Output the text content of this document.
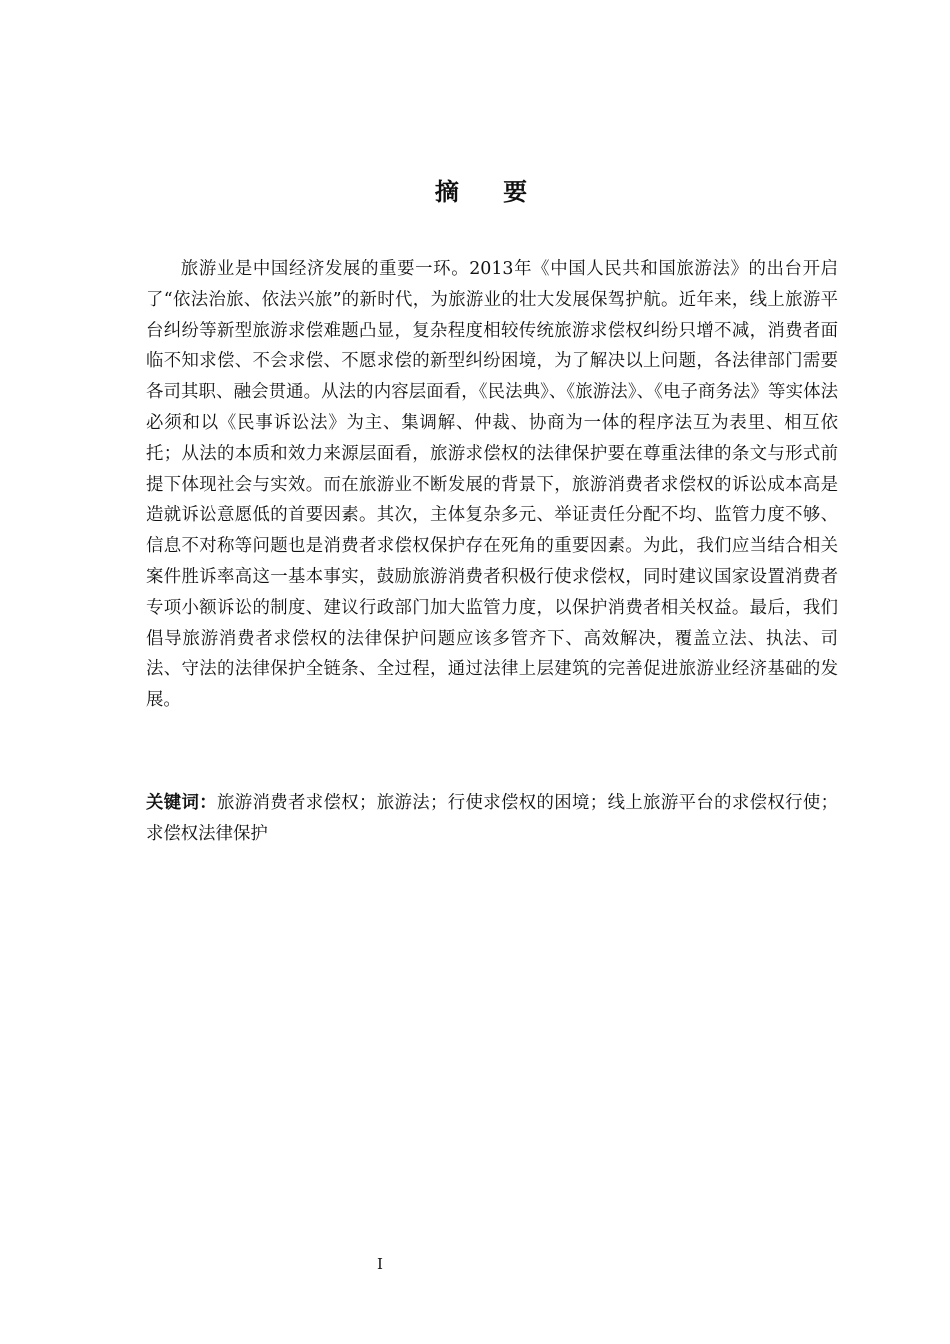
摘 要

旅游业是中国经济发展的重要一环。2013年《中国人民共和国旅游法》的出台开启了“依法治旅、依法兴旅”的新时代，为旅游业的壮大发展保驾护航。近年来，线上旅游平台纠纷等新型旅游求偿难题凸显，复杂程度相较传统旅游求偿权纠纷只增不减，消费者面临不知求偿、不会求偿、不愿求偿的新型纠纷困境，为了解决以上问题，各法律部门需要各司其职、融会贯通。从法的内容层面看，《民法典》、《旅游法》、《电子商务法》等实体法必须和以《民事诉讼法》为主、集调解、仲裁、协商为一体的程序法互为表里、相互依托；从法的本质和效力来源层面看，旅游求偿权的法律保护要在尊重法律的条文与形式前提下体现社会与实效。而在旅游业不断发展的背景下，旅游消费者求偿权的诉讼成本高是造就诉讼意愿低的首要因素。其次，主体复杂多元、举证责任分配不均、监管力度不够、信息不对称等问题也是消费者求偿权保护存在死角的重要因素。为此，我们应当结合相关案件胜诉率高这一基本事实，鼓励旅游消费者积极行使求偿权，同时建议国家设置消费者专项小额诉讼的制度、建议行政部门加大监管力度，以保护消费者相关权益。最后，我们倡导旅游消费者求偿权的法律保护问题应该多管齐下、高效解决，覆盖立法、执法、司法、守法的法律保护全链条、全过程，通过法律上层建筑的完善促进旅游业经济基础的发展。

关键词：旅游消费者求偿权；旅游法；行使求偿权的困境；线上旅游平台的求偿权行使；求偿权法律保护

I
